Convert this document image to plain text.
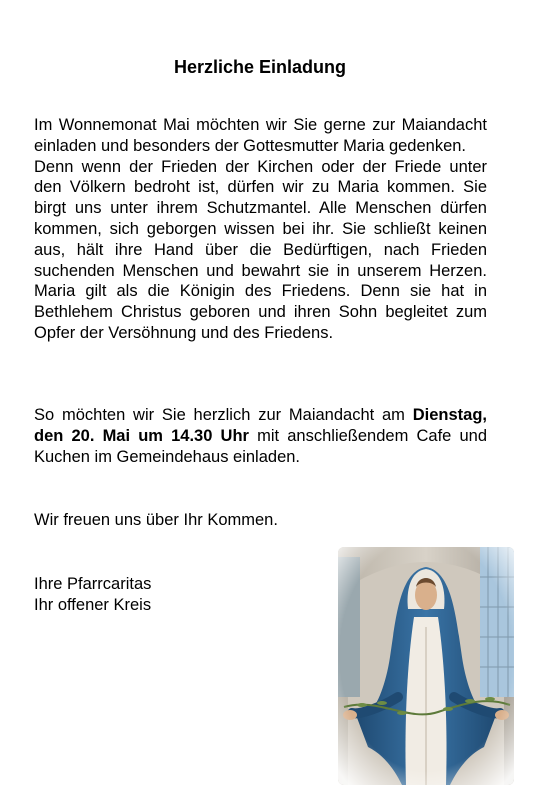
Herzliche Einladung
Im Wonnemonat Mai möchten wir Sie gerne zur Maiandacht einladen und besonders der Gottesmutter Maria gedenken.
Denn wenn der Frieden der Kirchen oder der Friede unter den Völkern bedroht ist, dürfen wir zu Maria kommen. Sie birgt uns unter ihrem Schutzmantel. Alle Menschen dürfen kommen, sich geborgen wissen bei ihr. Sie schließt keinen aus, hält ihre Hand über die Bedürftigen, nach Frieden suchenden Menschen und bewahrt sie in unserem Herzen. Maria gilt als die Königin des Friedens. Denn sie hat in Bethlehem Christus geboren und ihren Sohn begleitet zum Opfer der Versöhnung und des Friedens.
So möchten wir Sie herzlich zur Maiandacht am Dienstag, den 20. Mai um 14.30 Uhr mit anschließendem Cafe und Kuchen im Gemeindehaus einladen.
Wir freuen uns über Ihr Kommen.
Ihre Pfarrcaritas
Ihr offener Kreis
